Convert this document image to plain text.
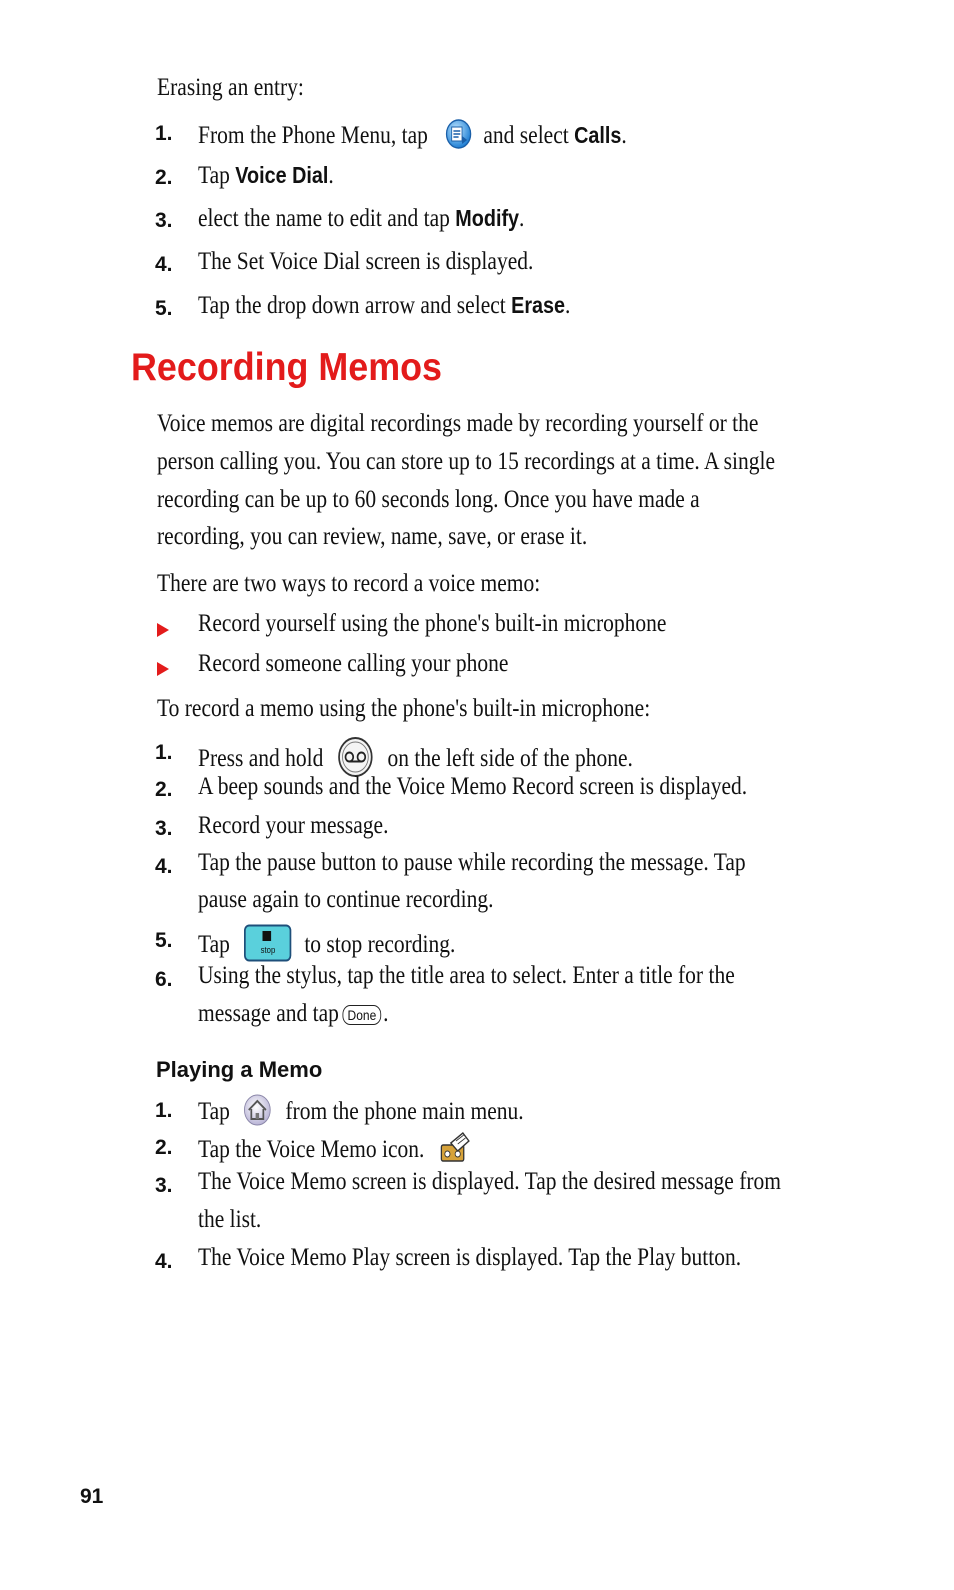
Erasing an entry:
1.	From the Phone Menu, tap and select Calls.
2.	Tap Voice Dial.
3.	elect the name to edit and tap Modify.
4.	The Set Voice Dial screen is displayed.
5.	Tap the drop down arrow and select Erase.
Recording Memos
Voice memos are digital recordings made by recording yourself or the
person calling you. You can store up to 15 recordings at a time. A single
recording can be up to 60 seconds long. Once you have made a
recording, you can review, name, save, or erase it.
There are two ways to record a voice memo:
Record yourself using the phone's built-in microphone
Record someone calling your phone
To record a memo using the phone's built-in microphone:
1.	Press and hold	on the left side of the phone.
2.	A beep sounds and the Voice Memo Record screen is displayed.
3.	Record your message.
4.	Tap the pause button to pause while recording the message. Tap
pause again to continue recording.
5.	Tap	stop	to stop recording.
6.	Using the stylus, tap the title area to select. Enter a title for the
message and tap Done .
Playing a Memo
1.	Tap from the phone main menu.
2.	Tap the Voice Memo icon.
3.	The Voice Memo screen is displayed. Tap the desired message from
the list.
4.	The Voice Memo Play screen is displayed. Tap the Play button.
91
